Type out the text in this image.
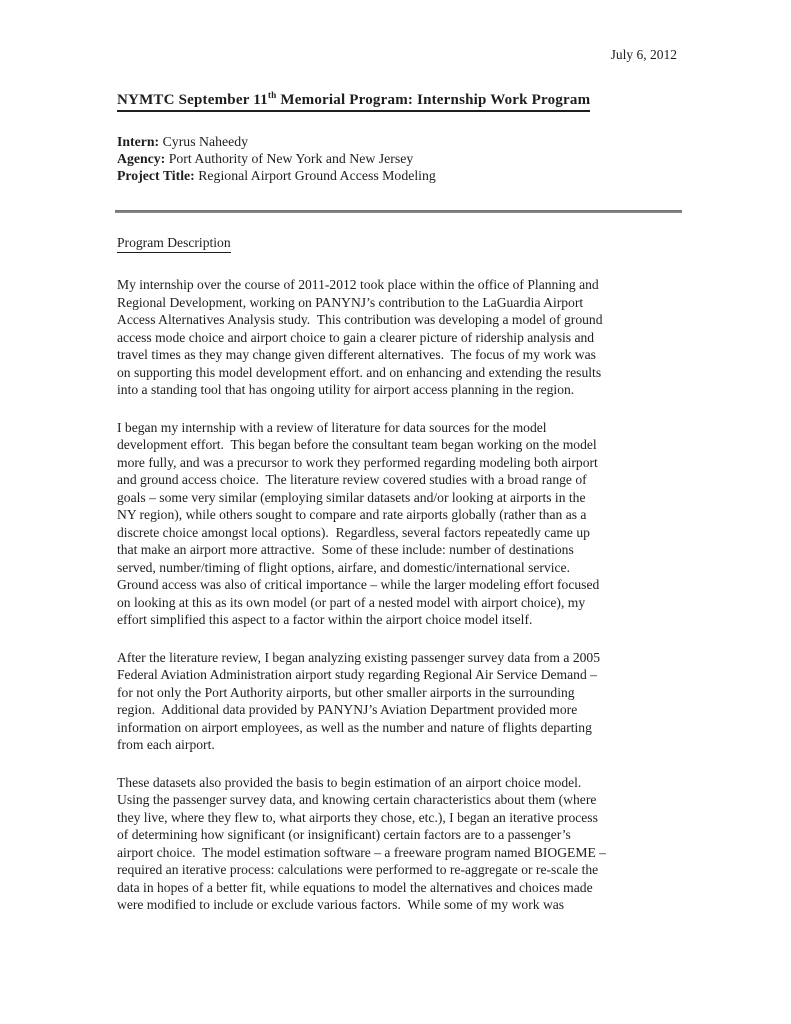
July 6, 2012
NYMTC September 11th Memorial Program: Internship Work Program
Intern: Cyrus Naheedy
Agency: Port Authority of New York and New Jersey
Project Title: Regional Airport Ground Access Modeling
Program Description
My internship over the course of 2011-2012 took place within the office of Planning and
Regional Development, working on PANYNJ’s contribution to the LaGuardia Airport
Access Alternatives Analysis study.  This contribution was developing a model of ground
access mode choice and airport choice to gain a clearer picture of ridership analysis and
travel times as they may change given different alternatives.  The focus of my work was
on supporting this model development effort. and on enhancing and extending the results
into a standing tool that has ongoing utility for airport access planning in the region.
I began my internship with a review of literature for data sources for the model
development effort.  This began before the consultant team began working on the model
more fully, and was a precursor to work they performed regarding modeling both airport
and ground access choice.  The literature review covered studies with a broad range of
goals – some very similar (employing similar datasets and/or looking at airports in the
NY region), while others sought to compare and rate airports globally (rather than as a
discrete choice amongst local options).  Regardless, several factors repeatedly came up
that make an airport more attractive.  Some of these include: number of destinations
served, number/timing of flight options, airfare, and domestic/international service.
Ground access was also of critical importance – while the larger modeling effort focused
on looking at this as its own model (or part of a nested model with airport choice), my
effort simplified this aspect to a factor within the airport choice model itself.
After the literature review, I began analyzing existing passenger survey data from a 2005
Federal Aviation Administration airport study regarding Regional Air Service Demand –
for not only the Port Authority airports, but other smaller airports in the surrounding
region.  Additional data provided by PANYNJ’s Aviation Department provided more
information on airport employees, as well as the number and nature of flights departing
from each airport.
These datasets also provided the basis to begin estimation of an airport choice model.
Using the passenger survey data, and knowing certain characteristics about them (where
they live, where they flew to, what airports they chose, etc.), I began an iterative process
of determining how significant (or insignificant) certain factors are to a passenger’s
airport choice.  The model estimation software – a freeware program named BIOGEME –
required an iterative process: calculations were performed to re-aggregate or re-scale the
data in hopes of a better fit, while equations to model the alternatives and choices made
were modified to include or exclude various factors.  While some of my work was
